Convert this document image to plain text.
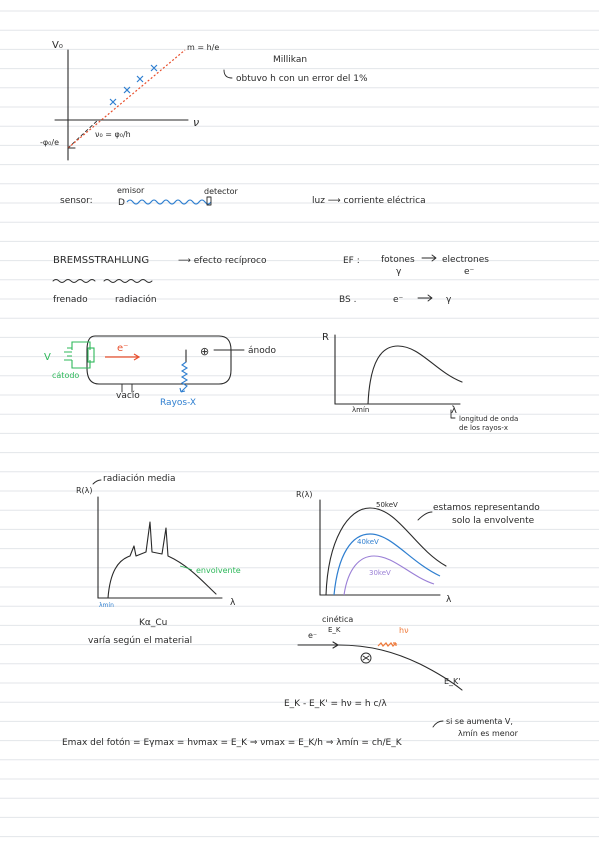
V₀
ν
m = h/e
-φ₀/e
ν₀ = φ₀/h
Millikan
obtuvo h con un error del 1%
sensor:
emisor
D
detector
luz ⟶ corriente eléctrica
BREMSSTRAHLUNG	⟶ efecto recíproco
frenado	radiación
EF : fotones
γ
electrones
e⁻
BS .	e⁻	γ
V
cátodo
e⁻	⊕	ánodo
vacío
Rayos-X
R
λ
λmín
longitud de onda
de los rayos-x
R(λ)
radiación media
λ
λmín
envolvente
Kα_Cu
varía según el material
R(λ)
λ
50keV
40keV
30keV
estamos representando
solo la envolvente
cinética
E_K
e⁻
hν
E_K'
E_K - E_K' = hν = h c/λ
Emax del fotón = Eγmax = hνmax = E_K ⇒ νmax = E_K/h ⇒ λmín = ch/E_K
si se aumenta V,
λmín es menor
